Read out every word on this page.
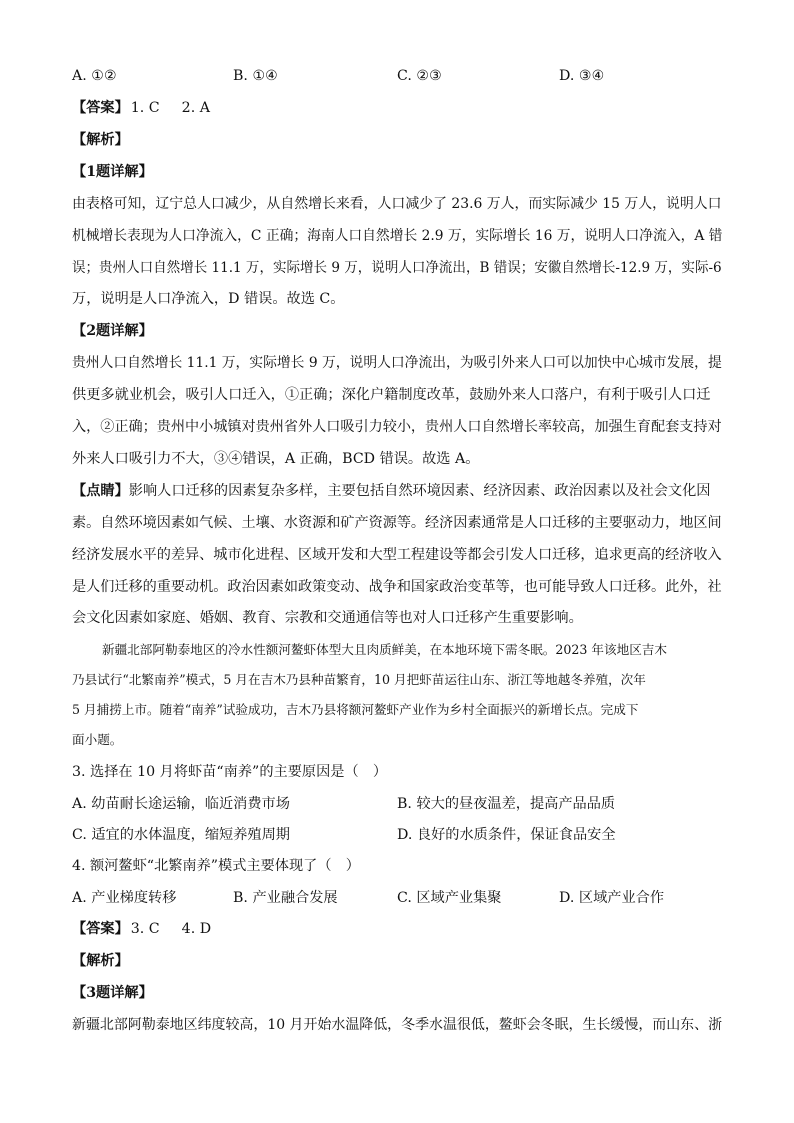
A. ①②	B. ①④	C. ②③	D. ③④
【答案】 1. C 2. A
【解析】
【1题详解】
由表格可知，辽宁总人口减少，从自然增长来看，人口减少了 23.6 万人，而实际减少 15 万人，说明人口
机械增长表现为人口净流入，C 正确；海南人口自然增长 2.9 万，实际增长 16 万，说明人口净流入，A 错
误；贵州人口自然增长 11.1 万，实际增长 9 万，说明人口净流出，B 错误；安徽自然增长-12.9 万，实际-6
万，说明是人口净流入，D 错误。故选 C。
【2题详解】
贵州人口自然增长 11.1 万，实际增长 9 万，说明人口净流出，为吸引外来人口可以加快中心城市发展，提
供更多就业机会，吸引人口迁入，①正确；深化户籍制度改革，鼓励外来人口落户，有利于吸引人口迁
入，②正确；贵州中小城镇对贵州省外人口吸引力较小，贵州人口自然增长率较高，加强生育配套支持对
外来人口吸引力不大，③④错误，A 正确，BCD 错误。故选 A。
【点睛】影响人口迁移的因素复杂多样，主要包括自然环境因素、经济因素、政治因素以及社会文化因
素。自然环境因素如气候、土壤、水资源和矿产资源等。经济因素通常是人口迁移的主要驱动力，地区间
经济发展水平的差异、城市化进程、区域开发和大型工程建设等都会引发人口迁移，追求更高的经济收入
是人们迁移的重要动机。政治因素如政策变动、战争和国家政治变革等，也可能导致人口迁移。此外，社
会文化因素如家庭、婚姻、教育、宗教和交通通信等也对人口迁移产生重要影响。
新疆北部阿勒泰地区的冷水性额河鳌虾体型大且肉质鲜美，在本地环境下需冬眠。2023 年该地区吉木
乃县试行“北繁南养”模式，5 月在吉木乃县种苗繁育，10 月把虾苗运往山东、浙江等地越冬养殖，次年
5 月捕捞上市。随着“南养”试验成功，吉木乃县将额河鳌虾产业作为乡村全面振兴的新增长点。完成下
面小题。
3. 选择在 10 月将虾苗“南养”的主要原因是（　）
A. 幼苗耐长途运输，临近消费市场	B. 较大的昼夜温差，提高产品品质
C. 适宜的水体温度，缩短养殖周期	D. 良好的水质条件，保证食品安全
4. 额河鳌虾“北繁南养”模式主要体现了（　）
A. 产业梯度转移	B. 产业融合发展	C. 区域产业集聚	D. 区域产业合作
【答案】 3. C 4. D
【解析】
【3题详解】
新疆北部阿勒泰地区纬度较高，10 月开始水温降低，冬季水温很低，鳌虾会冬眠，生长缓慢，而山东、浙
